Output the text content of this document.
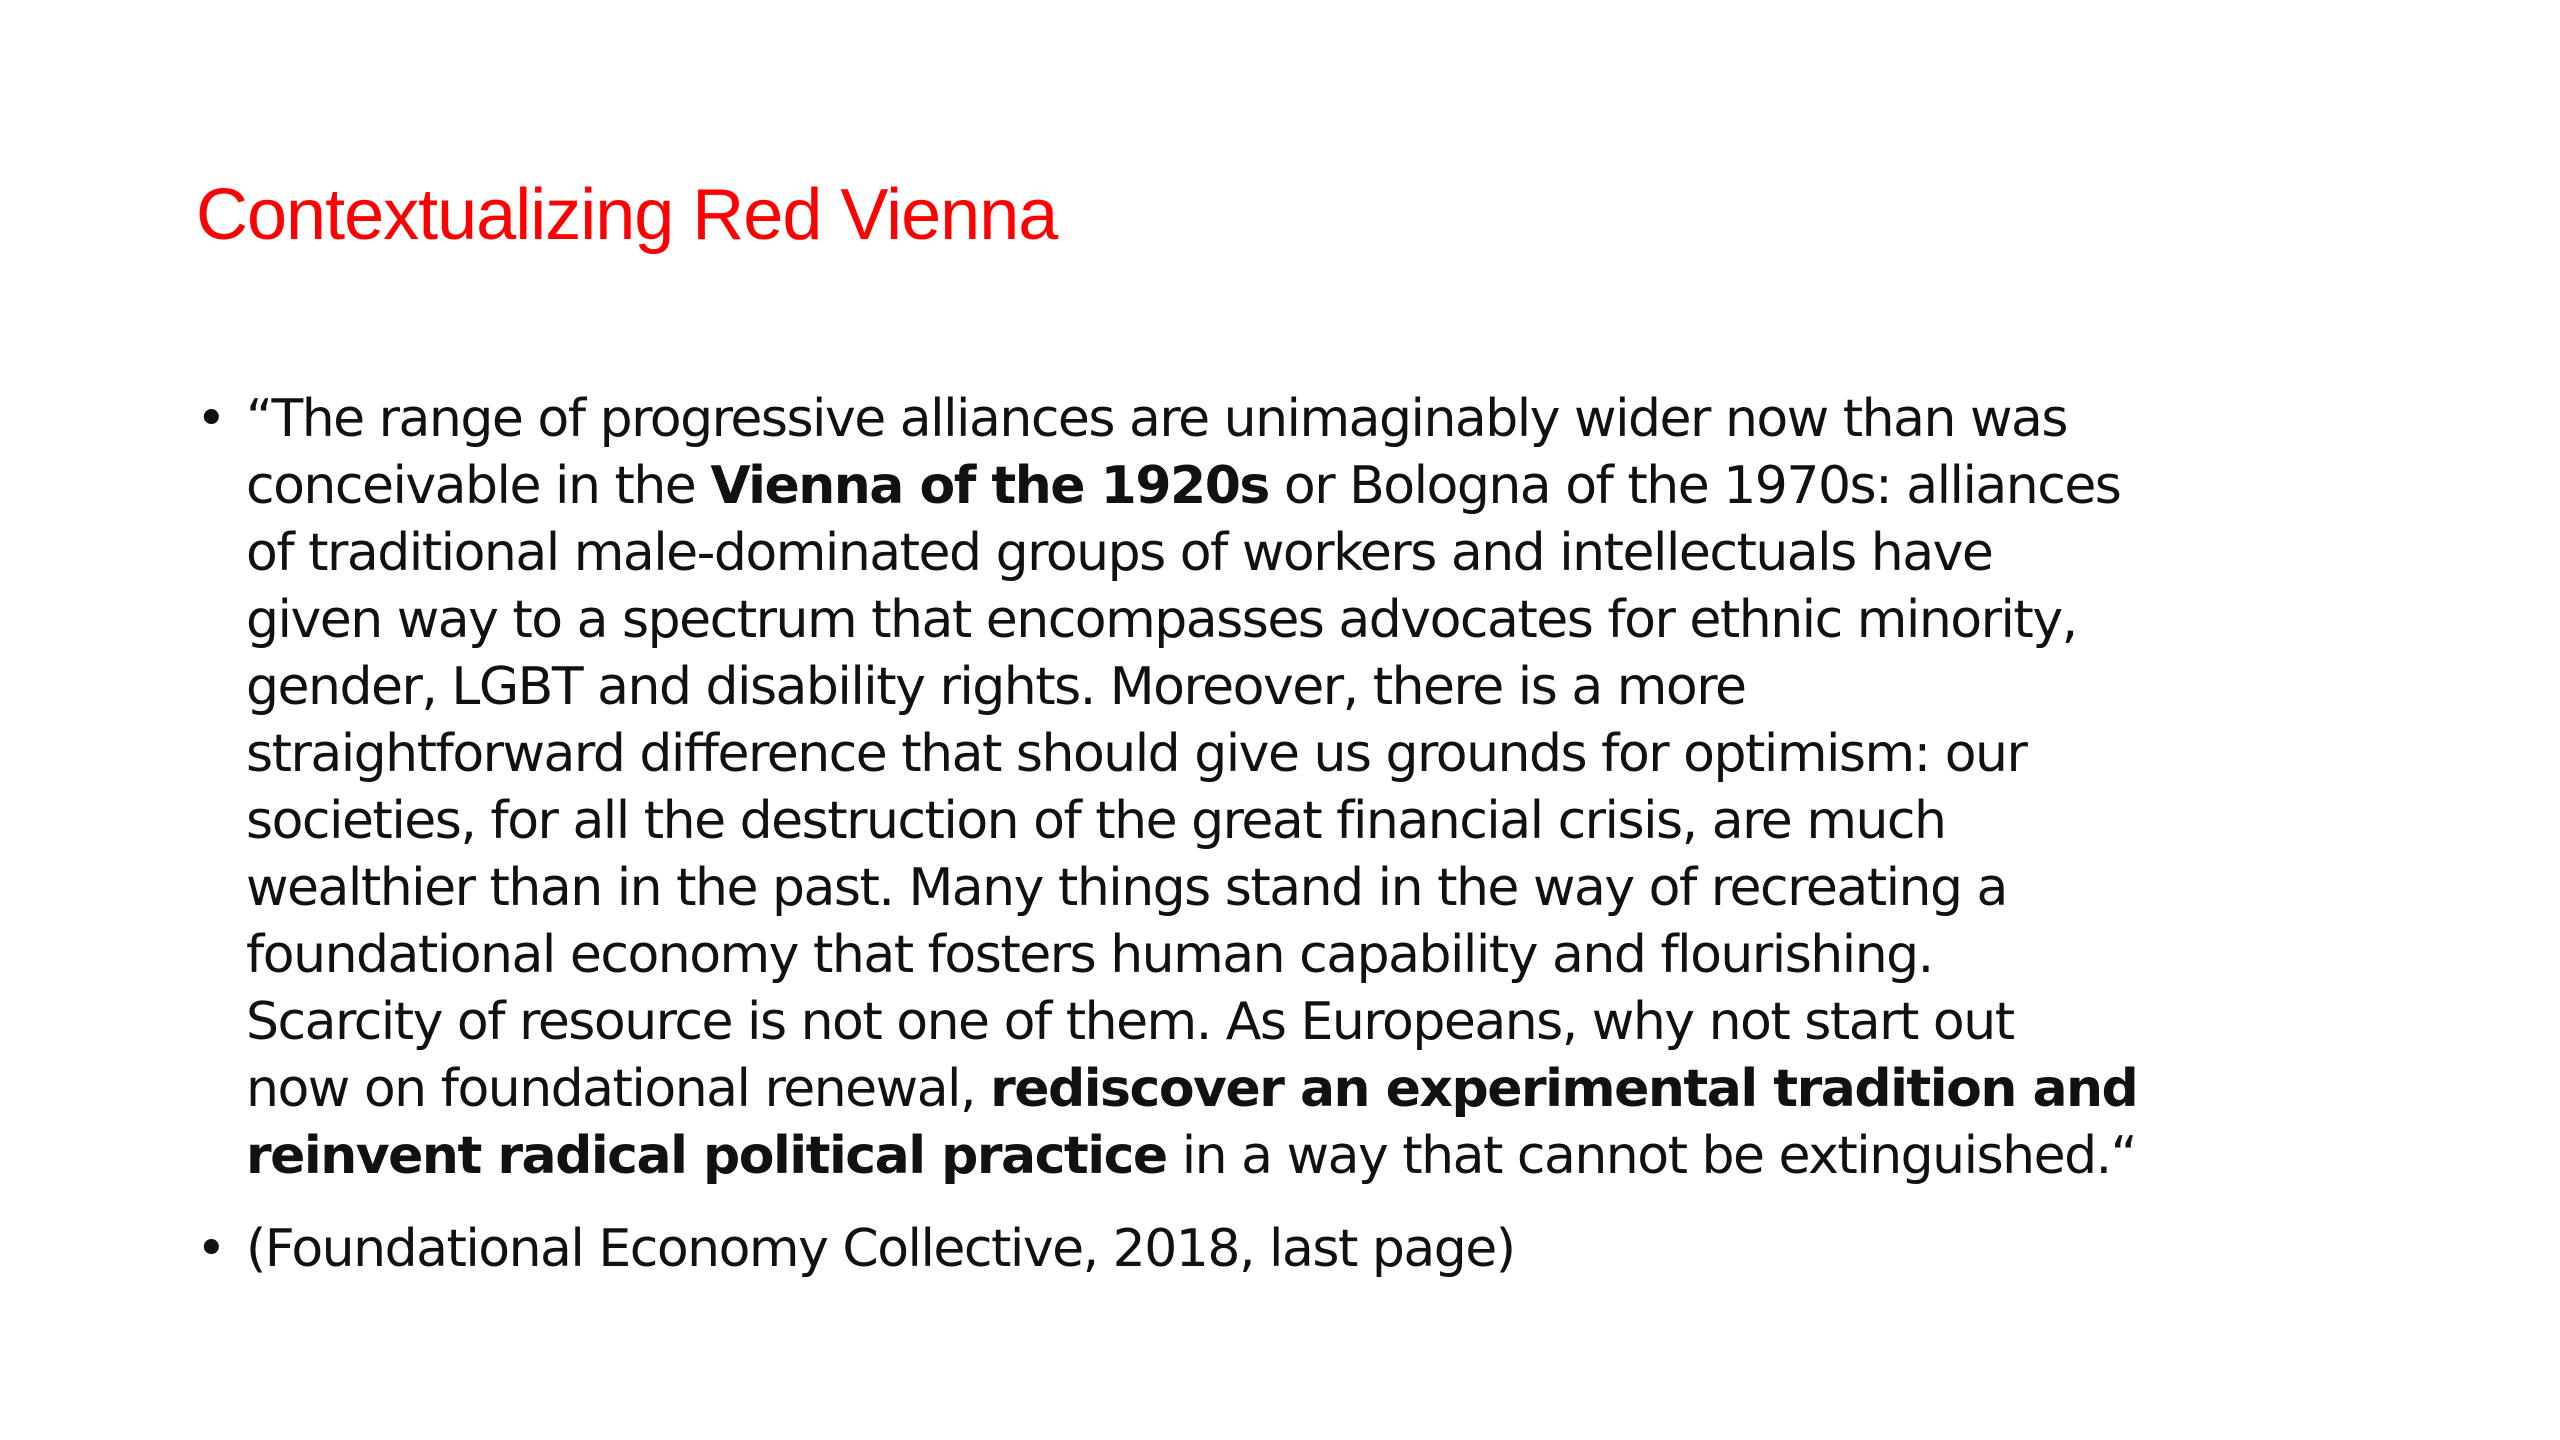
Contextualizing Red Vienna
• “The range of progressive alliances are unimaginably wider now than was
conceivable in the Vienna of the 1920s or Bologna of the 1970s: alliances
of traditional male-dominated groups of workers and intellectuals have
given way to a spectrum that encompasses advocates for ethnic minority,
gender, LGBT and disability rights. Moreover, there is a more
straightforward difference that should give us grounds for optimism: our
societies, for all the destruction of the great financial crisis, are much
wealthier than in the past. Many things stand in the way of recreating a
foundational economy that fosters human capability and flourishing.
Scarcity of resource is not one of them. As Europeans, why not start out
now on foundational renewal, rediscover an experimental tradition and
reinvent radical political practice in a way that cannot be extinguished.“
• (Foundational Economy Collective, 2018, last page)
